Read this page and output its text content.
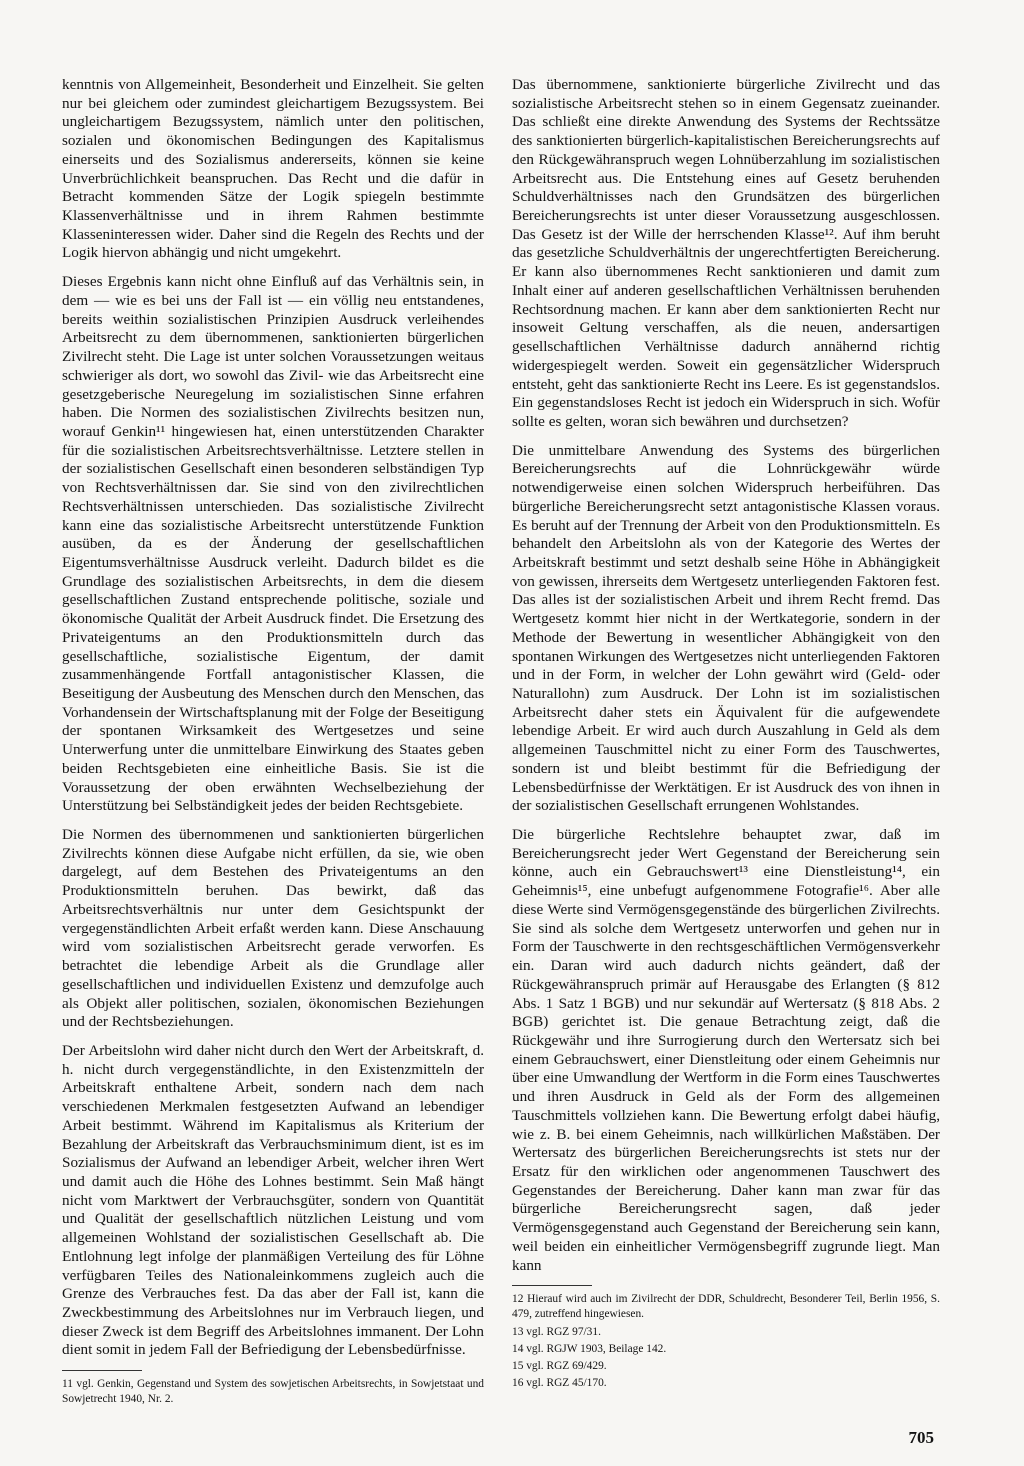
kenntnis von Allgemeinheit, Besonderheit und Einzelheit. Sie gelten nur bei gleichem oder zumindest gleichartigem Bezugssystem. Bei ungleichartigem Bezugssystem, nämlich unter den politischen, sozialen und ökonomischen Bedingungen des Kapitalismus einerseits und des Sozialismus andererseits, können sie keine Unverbrüchlichkeit beanspruchen. Das Recht und die dafür in Betracht kommenden Sätze der Logik spiegeln bestimmte Klassenverhältnisse und in ihrem Rahmen bestimmte Klasseninteressen wider. Daher sind die Regeln des Rechts und der Logik hiervon abhängig und nicht umgekehrt.

Dieses Ergebnis kann nicht ohne Einfluß auf das Verhältnis sein, in dem — wie es bei uns der Fall ist — ein völlig neu entstandenes, bereits weithin sozialistischen Prinzipien Ausdruck verleihendes Arbeitsrecht zu dem übernommenen, sanktionierten bürgerlichen Zivilrecht steht. Die Lage ist unter solchen Voraussetzungen weitaus schwieriger als dort, wo sowohl das Zivil- wie das Arbeitsrecht eine gesetzgeberische Neuregelung im sozialistischen Sinne erfahren haben. Die Normen des sozialistischen Zivilrechts besitzen nun, worauf Genkin¹¹ hingewiesen hat, einen unterstützenden Charakter für die sozialistischen Arbeitsrechtsverhältnisse. Letztere stellen in der sozialistischen Gesellschaft einen besonderen selbständigen Typ von Rechtsverhältnissen dar. Sie sind von den zivilrechtlichen Rechtsverhältnissen unterschieden. Das sozialistische Zivilrecht kann eine das sozialistische Arbeitsrecht unterstützende Funktion ausüben, da es der Änderung der gesellschaftlichen Eigentumsverhältnisse Ausdruck verleiht. Dadurch bildet es die Grundlage des sozialistischen Arbeitsrechts, in dem die diesem gesellschaftlichen Zustand entsprechende politische, soziale und ökonomische Qualität der Arbeit Ausdruck findet. Die Ersetzung des Privateigentums an den Produktionsmitteln durch das gesellschaftliche, sozialistische Eigentum, der damit zusammenhängende Fortfall antagonistischer Klassen, die Beseitigung der Ausbeutung des Menschen durch den Menschen, das Vorhandensein der Wirtschaftsplanung mit der Folge der Beseitigung der spontanen Wirksamkeit des Wertgesetzes und seine Unterwerfung unter die unmittelbare Einwirkung des Staates geben beiden Rechtsgebieten eine einheitliche Basis. Sie ist die Voraussetzung der oben erwähnten Wechselbeziehung der Unterstützung bei Selbständigkeit jedes der beiden Rechtsgebiete.

Die Normen des übernommenen und sanktionierten bürgerlichen Zivilrechts können diese Aufgabe nicht erfüllen, da sie, wie oben dargelegt, auf dem Bestehen des Privateigentums an den Produktionsmitteln beruhen. Das bewirkt, daß das Arbeitsrechtsverhältnis nur unter dem Gesichtspunkt der vergegenständlichten Arbeit erfaßt werden kann. Diese Anschauung wird vom sozialistischen Arbeitsrecht gerade verworfen. Es betrachtet die lebendige Arbeit als die Grundlage aller gesellschaftlichen und individuellen Existenz und demzufolge auch als Objekt aller politischen, sozialen, ökonomischen Beziehungen und der Rechtsbeziehungen.

Der Arbeitslohn wird daher nicht durch den Wert der Arbeitskraft, d. h. nicht durch vergegenständlichte, in den Existenzmitteln der Arbeitskraft enthaltene Arbeit, sondern nach dem nach verschiedenen Merkmalen festgesetzten Aufwand an lebendiger Arbeit bestimmt. Während im Kapitalismus als Kriterium der Bezahlung der Arbeitskraft das Verbrauchsminimum dient, ist es im Sozialismus der Aufwand an lebendiger Arbeit, welcher ihren Wert und damit auch die Höhe des Lohnes bestimmt. Sein Maß hängt nicht vom Marktwert der Verbrauchsgüter, sondern von Quantität und Qualität der gesellschaftlich nützlichen Leistung und vom allgemeinen Wohlstand der sozialistischen Gesellschaft ab. Die Entlohnung legt infolge der planmäßigen Verteilung des für Löhne verfügbaren Teiles des Nationaleinkommens zugleich auch die Grenze des Verbrauches fest. Da das aber der Fall ist, kann die Zweckbestimmung des Arbeitslohnes nur im Verbrauch liegen, und dieser Zweck ist dem Begriff des Arbeitslohnes immanent. Der Lohn dient somit in jedem Fall der Befriedigung der Lebensbedürfnisse.

11 vgl. Genkin, Gegenstand und System des sowjetischen Arbeitsrechts, in Sowjetstaat und Sowjetrecht 1940, Nr. 2.

Das übernommene, sanktionierte bürgerliche Zivilrecht und das sozialistische Arbeitsrecht stehen so in einem Gegensatz zueinander. Das schließt eine direkte Anwendung des Systems der Rechtssätze des sanktionierten bürgerlich-kapitalistischen Bereicherungsrechts auf den Rückgewähranspruch wegen Lohnüberzahlung im sozialistischen Arbeitsrecht aus. Die Entstehung eines auf Gesetz beruhenden Schuldverhältnisses nach den Grundsätzen des bürgerlichen Bereicherungsrechts ist unter dieser Voraussetzung ausgeschlossen. Das Gesetz ist der Wille der herrschenden Klasse¹². Auf ihm beruht das gesetzliche Schuldverhältnis der ungerechtfertigten Bereicherung. Er kann also übernommenes Recht sanktionieren und damit zum Inhalt einer auf anderen gesellschaftlichen Verhältnissen beruhenden Rechtsordnung machen. Er kann aber dem sanktionierten Recht nur insoweit Geltung verschaffen, als die neuen, andersartigen gesellschaftlichen Verhältnisse dadurch annähernd richtig widergespiegelt werden. Soweit ein gegensätzlicher Widerspruch entsteht, geht das sanktionierte Recht ins Leere. Es ist gegenstandslos. Ein gegenstandsloses Recht ist jedoch ein Widerspruch in sich. Wofür sollte es gelten, woran sich bewähren und durchsetzen?

Die unmittelbare Anwendung des Systems des bürgerlichen Bereicherungsrechts auf die Lohnrückgewähr würde notwendigerweise einen solchen Widerspruch herbeiführen. Das bürgerliche Bereicherungsrecht setzt antagonistische Klassen voraus. Es beruht auf der Trennung der Arbeit von den Produktionsmitteln. Es behandelt den Arbeitslohn als von der Kategorie des Wertes der Arbeitskraft bestimmt und setzt deshalb seine Höhe in Abhängigkeit von gewissen, ihrerseits dem Wertgesetz unterliegenden Faktoren fest. Das alles ist der sozialistischen Arbeit und ihrem Recht fremd. Das Wertgesetz kommt hier nicht in der Wertkategorie, sondern in der Methode der Bewertung in wesentlicher Abhängigkeit von den spontanen Wirkungen des Wertgesetzes nicht unterliegenden Faktoren und in der Form, in welcher der Lohn gewährt wird (Geld- oder Naturallohn) zum Ausdruck. Der Lohn ist im sozialistischen Arbeitsrecht daher stets ein Äquivalent für die aufgewendete lebendige Arbeit. Er wird auch durch Auszahlung in Geld als dem allgemeinen Tauschmittel nicht zu einer Form des Tauschwertes, sondern ist und bleibt bestimmt für die Befriedigung der Lebensbedürfnisse der Werktätigen. Er ist Ausdruck des von ihnen in der sozialistischen Gesellschaft errungenen Wohlstandes.

Die bürgerliche Rechtslehre behauptet zwar, daß im Bereicherungsrecht jeder Wert Gegenstand der Bereicherung sein könne, auch ein Gebrauchswert¹³ eine Dienstleistung¹⁴, ein Geheimnis¹⁵, eine unbefugt aufgenommene Fotografie¹⁶. Aber alle diese Werte sind Vermögensgegenstände des bürgerlichen Zivilrechts. Sie sind als solche dem Wertgesetz unterworfen und gehen nur in Form der Tauschwerte in den rechtsgeschäftlichen Vermögensverkehr ein. Daran wird auch dadurch nichts geändert, daß der Rückgewähranspruch primär auf Herausgabe des Erlangten (§ 812 Abs. 1 Satz 1 BGB) und nur sekundär auf Wertersatz (§ 818 Abs. 2 BGB) gerichtet ist. Die genaue Betrachtung zeigt, daß die Rückgewähr und ihre Surrogierung durch den Wertersatz sich bei einem Gebrauchswert, einer Dienstleitung oder einem Geheimnis nur über eine Umwandlung der Wertform in die Form eines Tauschwertes und ihren Ausdruck in Geld als der Form des allgemeinen Tauschmittels vollziehen kann. Die Bewertung erfolgt dabei häufig, wie z. B. bei einem Geheimnis, nach willkürlichen Maßstäben. Der Wertersatz des bürgerlichen Bereicherungsrechts ist stets nur der Ersatz für den wirklichen oder angenommenen Tauschwert des Gegenstandes der Bereicherung. Daher kann man zwar für das bürgerliche Bereicherungsrecht sagen, daß jeder Vermögensgegenstand auch Gegenstand der Bereicherung sein kann, weil beiden ein einheitlicher Vermögensbegriff zugrunde liegt. Man kann

12 Hierauf wird auch im Zivilrecht der DDR, Schuldrecht, Besonderer Teil, Berlin 1956, S. 479, zutreffend hingewiesen.

13 vgl. RGZ 97/31.

14 vgl. RGJW 1903, Beilage 142.

15 vgl. RGZ 69/429.

16 vgl. RGZ 45/170.

705
